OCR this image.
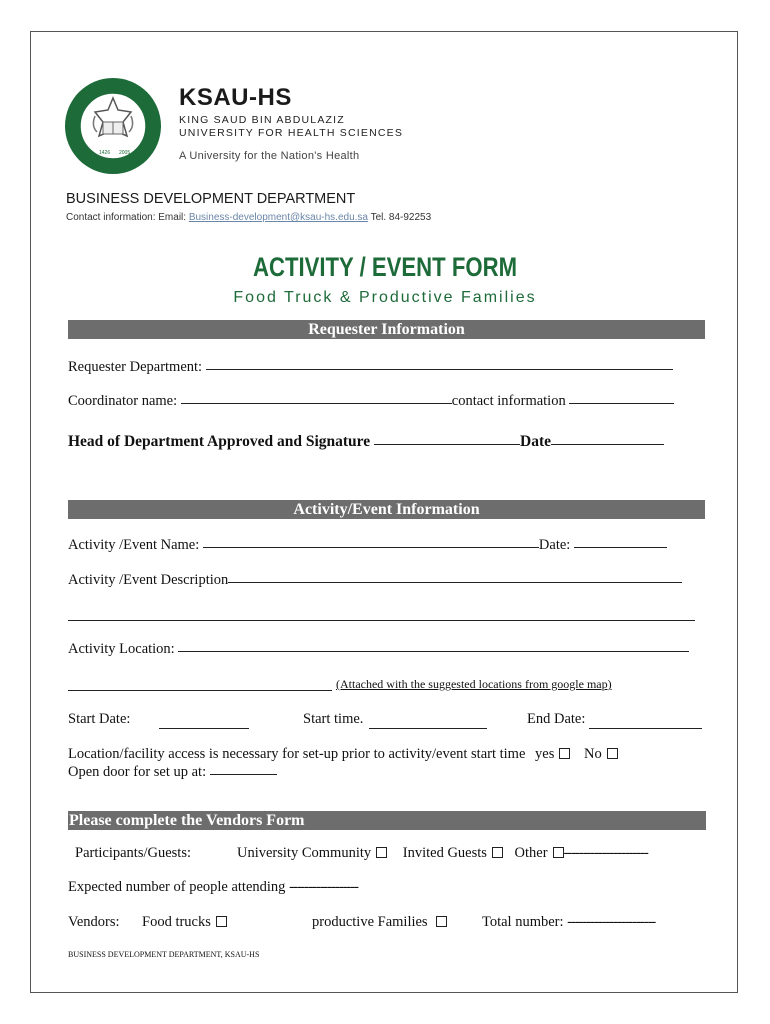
1426 2005
KSAU-HS
KING SAUD BIN ABDULAZIZ
UNIVERSITY FOR HEALTH SCIENCES
A University for the Nation's Health
BUSINESS DEVELOPMENT DEPARTMENT
Contact information: Email: Business-development@ksau-hs.edu.sa Tel. 84-92253
ACTIVITY / EVENT FORM
Food Truck & Productive Families
Requester Information
Requester Department:
Coordinator name:	contact information
Head of Department Approved and Signature	Date
Activity/Event Information
Activity /Event Name:	Date:
Activity /Event Description
Activity Location:
(Attached with the suggested locations from google map)
Start Date:	Start time.	End Date:
Location/facility access is necessary for set-up prior to activity/event start time yes No
Open door for set up at:
Please complete the Vendors Form
Participants/Guests:	University Community Invited Guests Other ----------------------
Expected number of people attending ------------------
Vendors: Food trucks	productive Families	Total number: -----------------------
BUSINESS DEVELOPMENT DEPARTMENT, KSAU-HS
